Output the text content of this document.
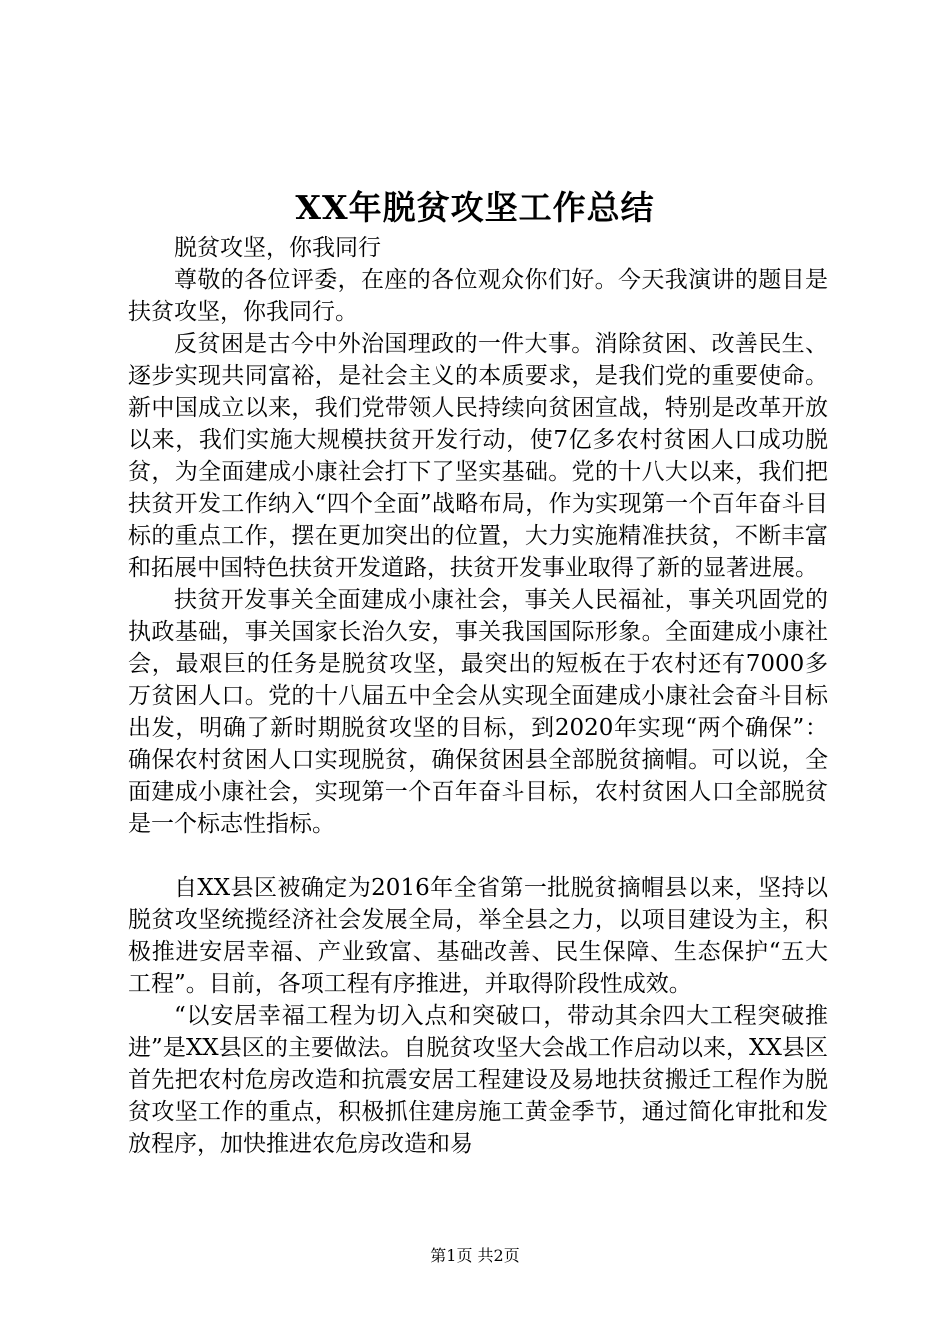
XX年脱贫攻坚工作总结

脱贫攻坚，你我同行

尊敬的各位评委，在座的各位观众你们好。今天我演讲的题目是扶贫攻坚，你我同行。

反贫困是古今中外治国理政的一件大事。消除贫困、改善民生、逐步实现共同富裕，是社会主义的本质要求，是我们党的重要使命。新中国成立以来，我们党带领人民持续向贫困宣战，特别是改革开放以来，我们实施大规模扶贫开发行动，使7亿多农村贫困人口成功脱贫，为全面建成小康社会打下了坚实基础。党的十八大以来，我们把扶贫开发工作纳入“四个全面”战略布局，作为实现第一个百年奋斗目标的重点工作，摆在更加突出的位置，大力实施精准扶贫，不断丰富和拓展中国特色扶贫开发道路，扶贫开发事业取得了新的显著进展。

扶贫开发事关全面建成小康社会，事关人民福祉，事关巩固党的执政基础，事关国家长治久安，事关我国国际形象。全面建成小康社会，最艰巨的任务是脱贫攻坚，最突出的短板在于农村还有7000多万贫困人口。党的十八届五中全会从实现全面建成小康社会奋斗目标出发，明确了新时期脱贫攻坚的目标，到2020年实现“两个确保”：确保农村贫困人口实现脱贫，确保贫困县全部脱贫摘帽。可以说，全面建成小康社会，实现第一个百年奋斗目标，农村贫困人口全部脱贫是一个标志性指标。

自XX县区被确定为2016年全省第一批脱贫摘帽县以来，坚持以脱贫攻坚统揽经济社会发展全局，举全县之力，以项目建设为主，积极推进安居幸福、产业致富、基础改善、民生保障、生态保护“五大工程”。目前，各项工程有序推进，并取得阶段性成效。

“以安居幸福工程为切入点和突破口，带动其余四大工程突破推进”是XX县区的主要做法。自脱贫攻坚大会战工作启动以来，XX县区首先把农村危房改造和抗震安居工程建设及易地扶贫搬迁工程作为脱贫攻坚工作的重点，积极抓住建房施工黄金季节，通过简化审批和发放程序，加快推进农危房改造和易

第1页 共2页
